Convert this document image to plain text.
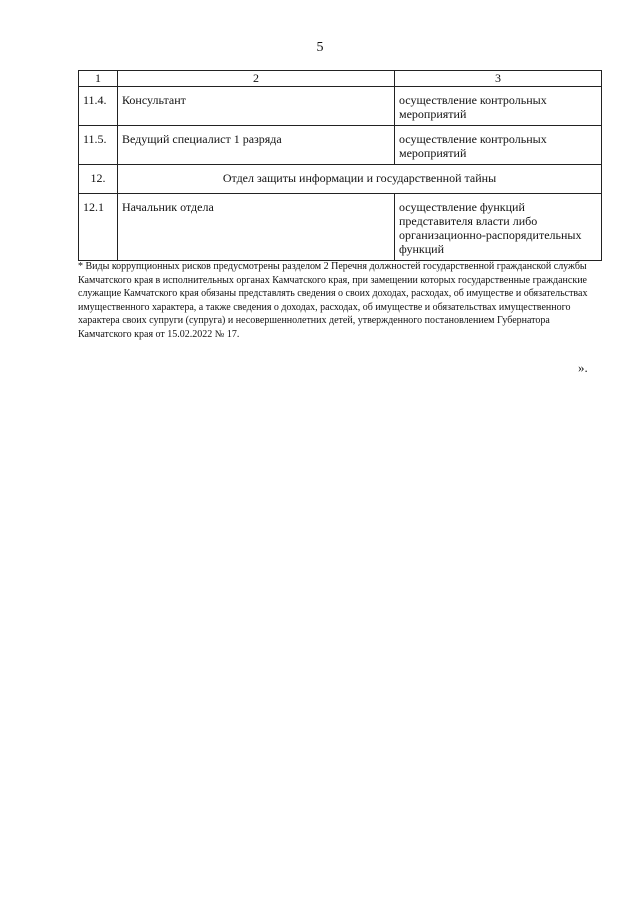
5
1	2	3
11.4.	Консультант	осуществление контрольных мероприятий
11.5.	Ведущий специалист 1 разряда	осуществление контрольных мероприятий
12.	Отдел защиты информации и государственной тайны	
12.1	Начальник отдела	осуществление функций представителя власти либо организационно-распорядительных функций
* Виды коррупционных рисков предусмотрены разделом 2 Перечня должностей государственной гражданской службы Камчатского края в исполнительных органах Камчатского края, при замещении которых государственные гражданские служащие Камчатского края обязаны представлять сведения о своих доходах, расходах, об имуществе и обязательствах имущественного характера, а также сведения о доходах, расходах, об имуществе и обязательствах имущественного характера своих супруги (супруга) и несовершеннолетних детей, утвержденного постановлением Губернатора Камчатского края от 15.02.2022 № 17.
».
